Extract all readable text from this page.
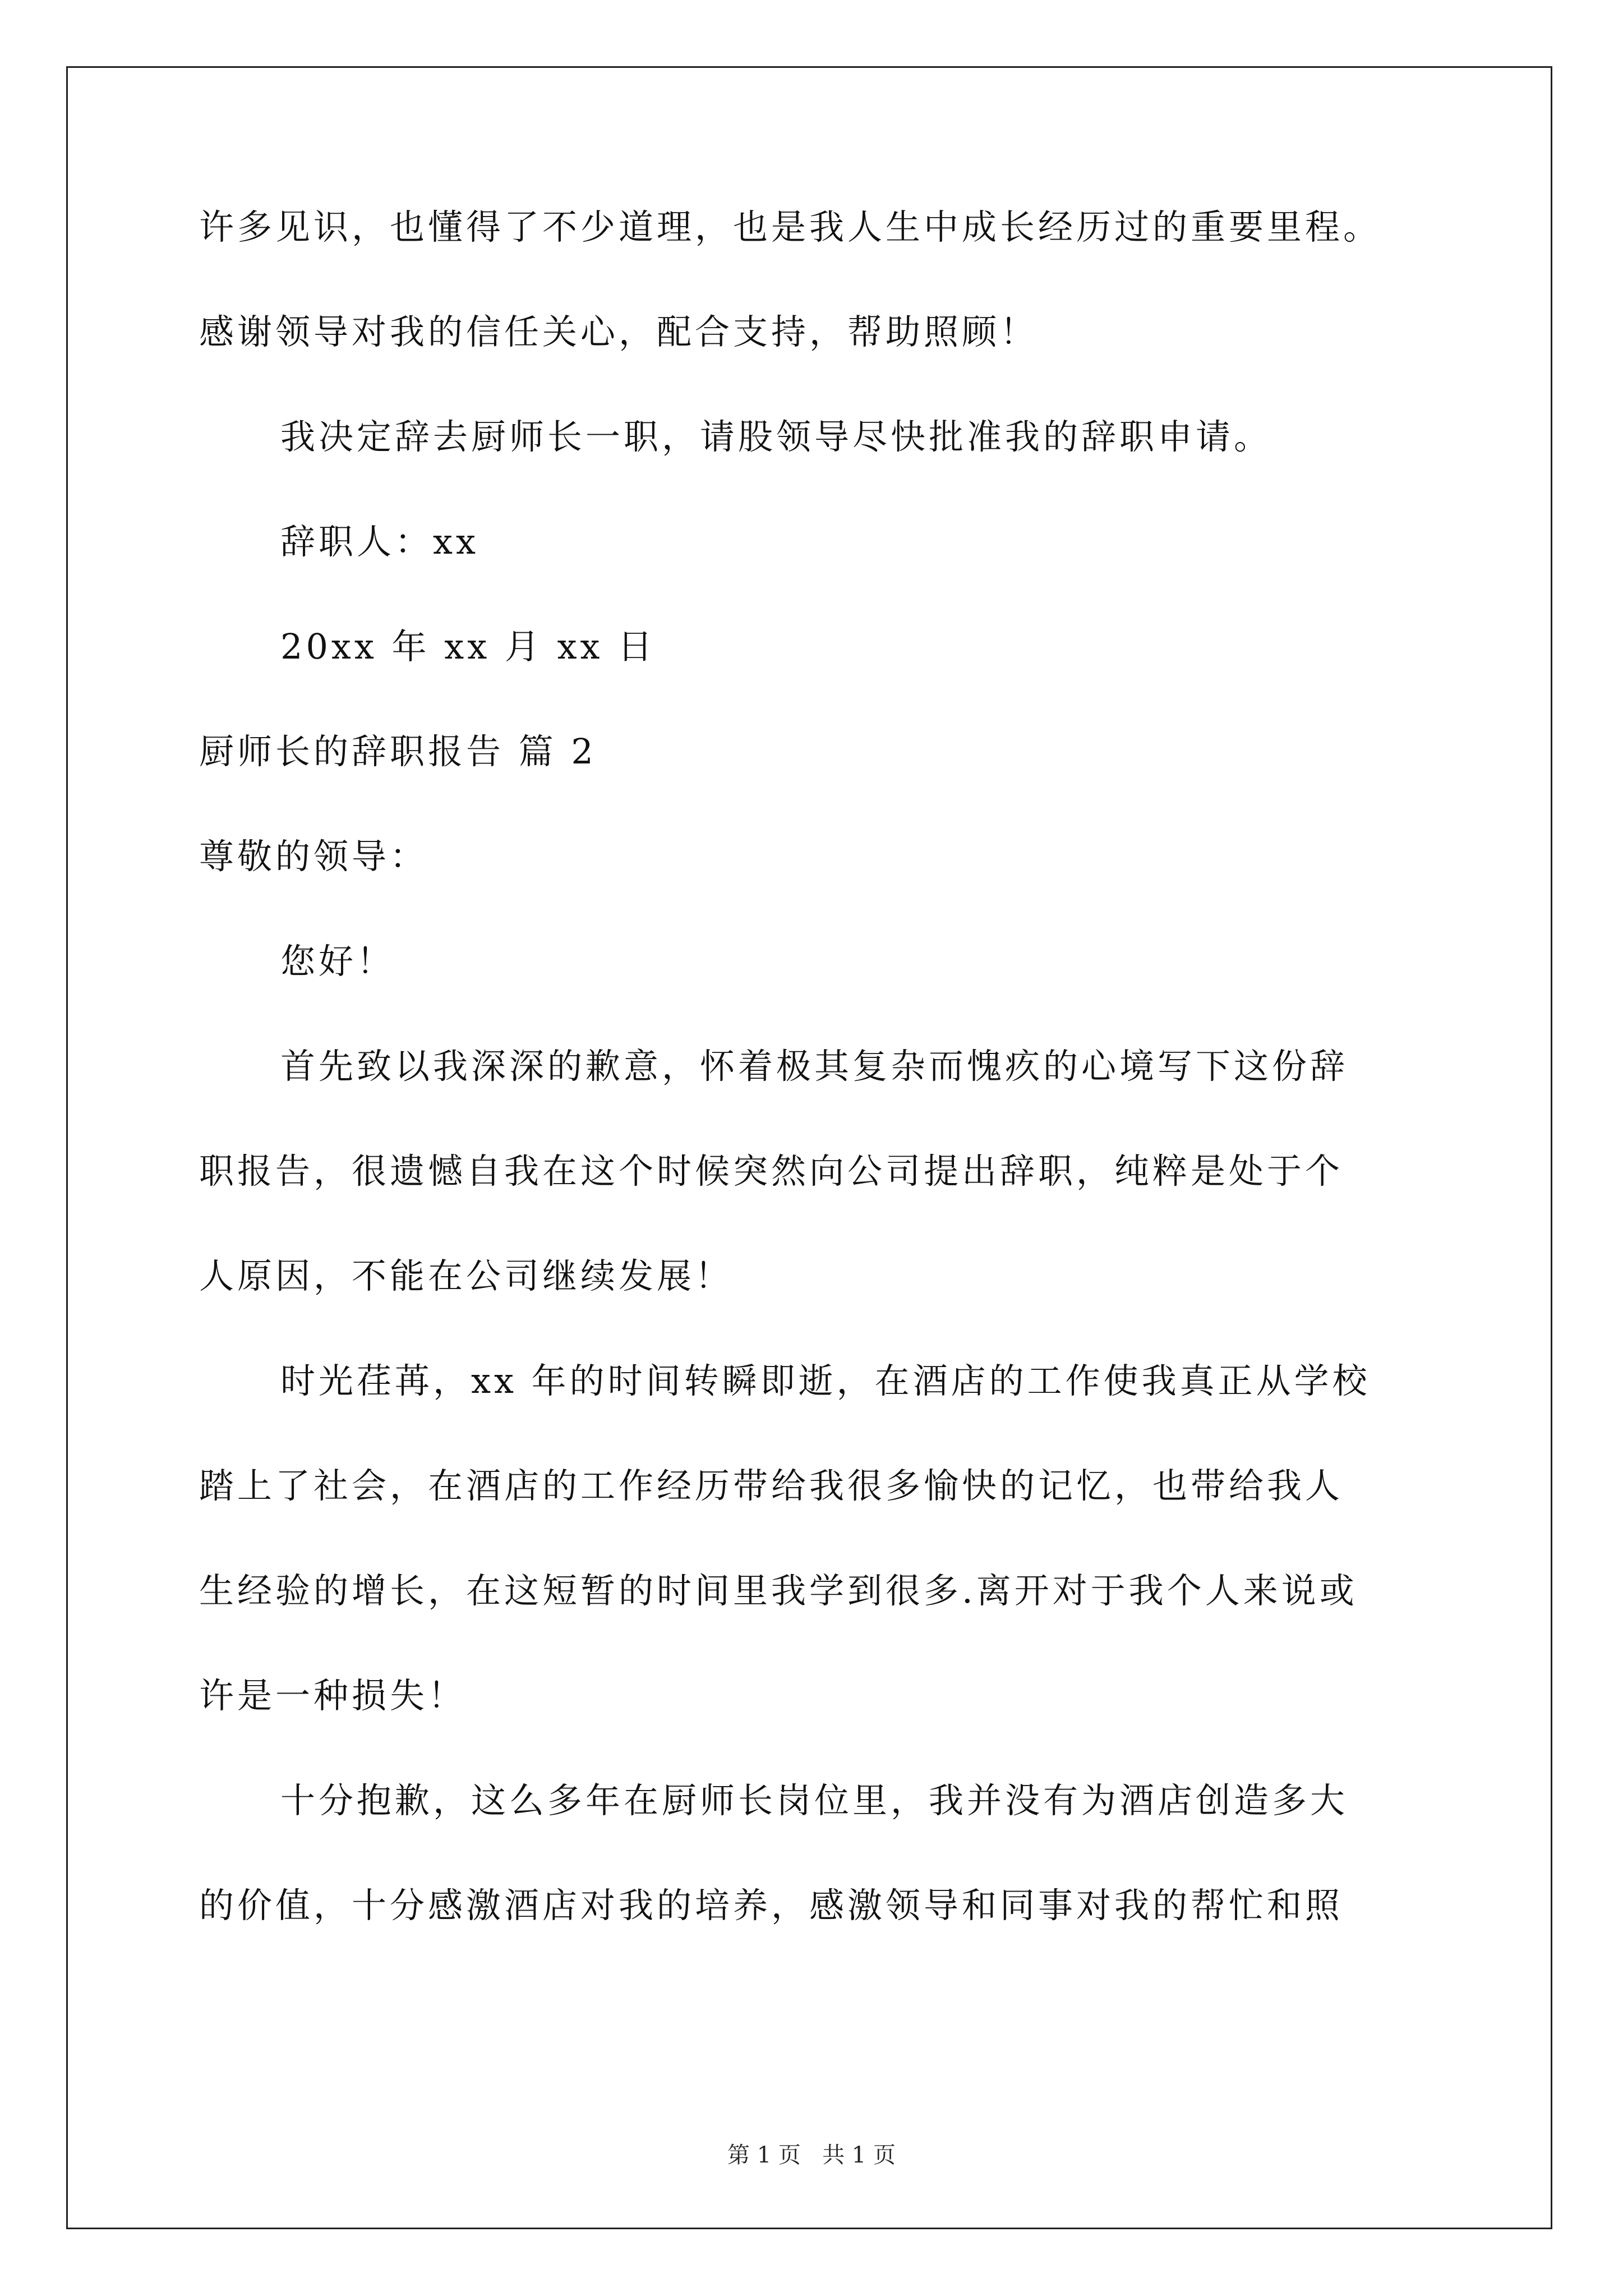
许多见识，也懂得了不少道理，也是我人生中成长经历过的重要里程。

感谢领导对我的信任关心，配合支持，帮助照顾！

我决定辞去厨师长一职，请股领导尽快批准我的辞职申请。

辞职人：xx

20xx 年 xx 月 xx 日

厨师长的辞职报告 篇 2

尊敬的领导：

您好！

首先致以我深深的歉意，怀着极其复杂而愧疚的心境写下这份辞

职报告，很遗憾自我在这个时候突然向公司提出辞职，纯粹是处于个

人原因，不能在公司继续发展！

时光荏苒，xx 年的时间转瞬即逝，在酒店的工作使我真正从学校

踏上了社会，在酒店的工作经历带给我很多愉快的记忆，也带给我人

生经验的增长，在这短暂的时间里我学到很多.离开对于我个人来说或

许是一种损失！

十分抱歉，这么多年在厨师长岗位里，我并没有为酒店创造多大

的价值，十分感激酒店对我的培养，感激领导和同事对我的帮忙和照

第 1 页   共 1 页
